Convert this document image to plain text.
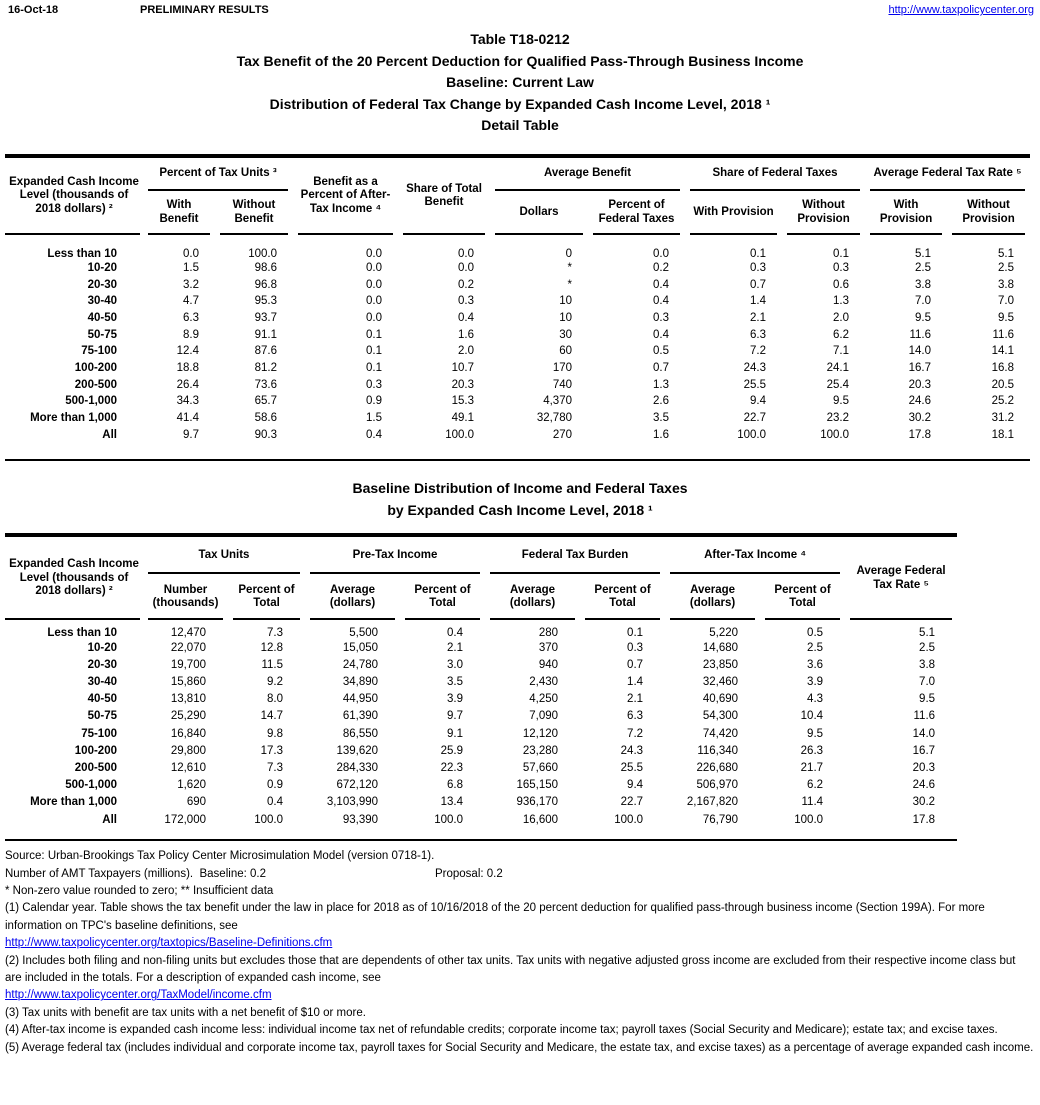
16-Oct-18	PRELIMINARY RESULTS	http://www.taxpolicycenter.org
Table T18-0212
Tax Benefit of the 20 Percent Deduction for Qualified Pass-Through Business Income
Baseline: Current Law
Distribution of Federal Tax Change by Expanded Cash Income Level, 2018 ¹
Detail Table
Expanded Cash Income Level (thousands of 2018 dollars) ²	Percent of Tax Units ³		Benefit as a Percent of After-Tax Income ⁴	Share of Total Benefit	Average Benefit		Share of Federal Taxes		Average Federal Tax Rate ⁵	
	With Benefit	Without Benefit			Dollars	Percent of Federal Taxes	With Provision	Without Provision	With Provision	Without Provision
Less than 10	0.0	100.0	0.0	0.0	0	0.0	0.1	0.1	5.1	5.1
10-20	1.5	98.6	0.0	0.0	*	0.2	0.3	0.3	2.5	2.5
20-30	3.2	96.8	0.0	0.2	*	0.4	0.7	0.6	3.8	3.8
30-40	4.7	95.3	0.0	0.3	10	0.4	1.4	1.3	7.0	7.0
40-50	6.3	93.7	0.0	0.4	10	0.3	2.1	2.0	9.5	9.5
50-75	8.9	91.1	0.1	1.6	30	0.4	6.3	6.2	11.6	11.6
75-100	12.4	87.6	0.1	2.0	60	0.5	7.2	7.1	14.0	14.1
100-200	18.8	81.2	0.1	10.7	170	0.7	24.3	24.1	16.7	16.8
200-500	26.4	73.6	0.3	20.3	740	1.3	25.5	25.4	20.3	20.5
500-1,000	34.3	65.7	0.9	15.3	4,370	2.6	9.4	9.5	24.6	25.2
More than 1,000	41.4	58.6	1.5	49.1	32,780	3.5	22.7	23.2	30.2	31.2
All	9.7	90.3	0.4	100.0	270	1.6	100.0	100.0	17.8	18.1
Baseline Distribution of Income and Federal Taxes
by Expanded Cash Income Level, 2018 ¹
Expanded Cash Income Level (thousands of 2018 dollars) ²	Tax Units		Pre-Tax Income		Federal Tax Burden		After-Tax Income ⁴		Average Federal Tax Rate ⁵
	Number (thousands)	Percent of Total	Average (dollars)	Percent of Total	Average (dollars)	Percent of Total	Average (dollars)	Percent of Total	
Less than 10	12,470	7.3	5,500	0.4	280	0.1	5,220	0.5	5.1
10-20	22,070	12.8	15,050	2.1	370	0.3	14,680	2.5	2.5
20-30	19,700	11.5	24,780	3.0	940	0.7	23,850	3.6	3.8
30-40	15,860	9.2	34,890	3.5	2,430	1.4	32,460	3.9	7.0
40-50	13,810	8.0	44,950	3.9	4,250	2.1	40,690	4.3	9.5
50-75	25,290	14.7	61,390	9.7	7,090	6.3	54,300	10.4	11.6
75-100	16,840	9.8	86,550	9.1	12,120	7.2	74,420	9.5	14.0
100-200	29,800	17.3	139,620	25.9	23,280	24.3	116,340	26.3	16.7
200-500	12,610	7.3	284,330	22.3	57,660	25.5	226,680	21.7	20.3
500-1,000	1,620	0.9	672,120	6.8	165,150	9.4	506,970	6.2	24.6
More than 1,000	690	0.4	3,103,990	13.4	936,170	22.7	2,167,820	11.4	30.2
All	172,000	100.0	93,390	100.0	16,600	100.0	76,790	100.0	17.8
Source: Urban-Brookings Tax Policy Center Microsimulation Model (version 0718-1).
Number of AMT Taxpayers (millions).  Baseline: 0.2	Proposal: 0.2
* Non-zero value rounded to zero; ** Insufficient data
(1) Calendar year. Table shows the tax benefit under the law in place for 2018 as of 10/16/2018 of the 20 percent deduction for qualified pass-through business income (Section 199A). For more information on TPC's baseline definitions, see
http://www.taxpolicycenter.org/taxtopics/Baseline-Definitions.cfm
(2) Includes both filing and non-filing units but excludes those that are dependents of other tax units. Tax units with negative adjusted gross income are excluded from their respective income class but are included in the totals. For a description of expanded cash income, see
http://www.taxpolicycenter.org/TaxModel/income.cfm
(3) Tax units with benefit are tax units with a net benefit of $10 or more.
(4) After-tax income is expanded cash income less: individual income tax net of refundable credits; corporate income tax; payroll taxes (Social Security and Medicare); estate tax; and excise taxes.
(5) Average federal tax (includes individual and corporate income tax, payroll taxes for Social Security and Medicare, the estate tax, and excise taxes) as a percentage of average expanded cash income.
